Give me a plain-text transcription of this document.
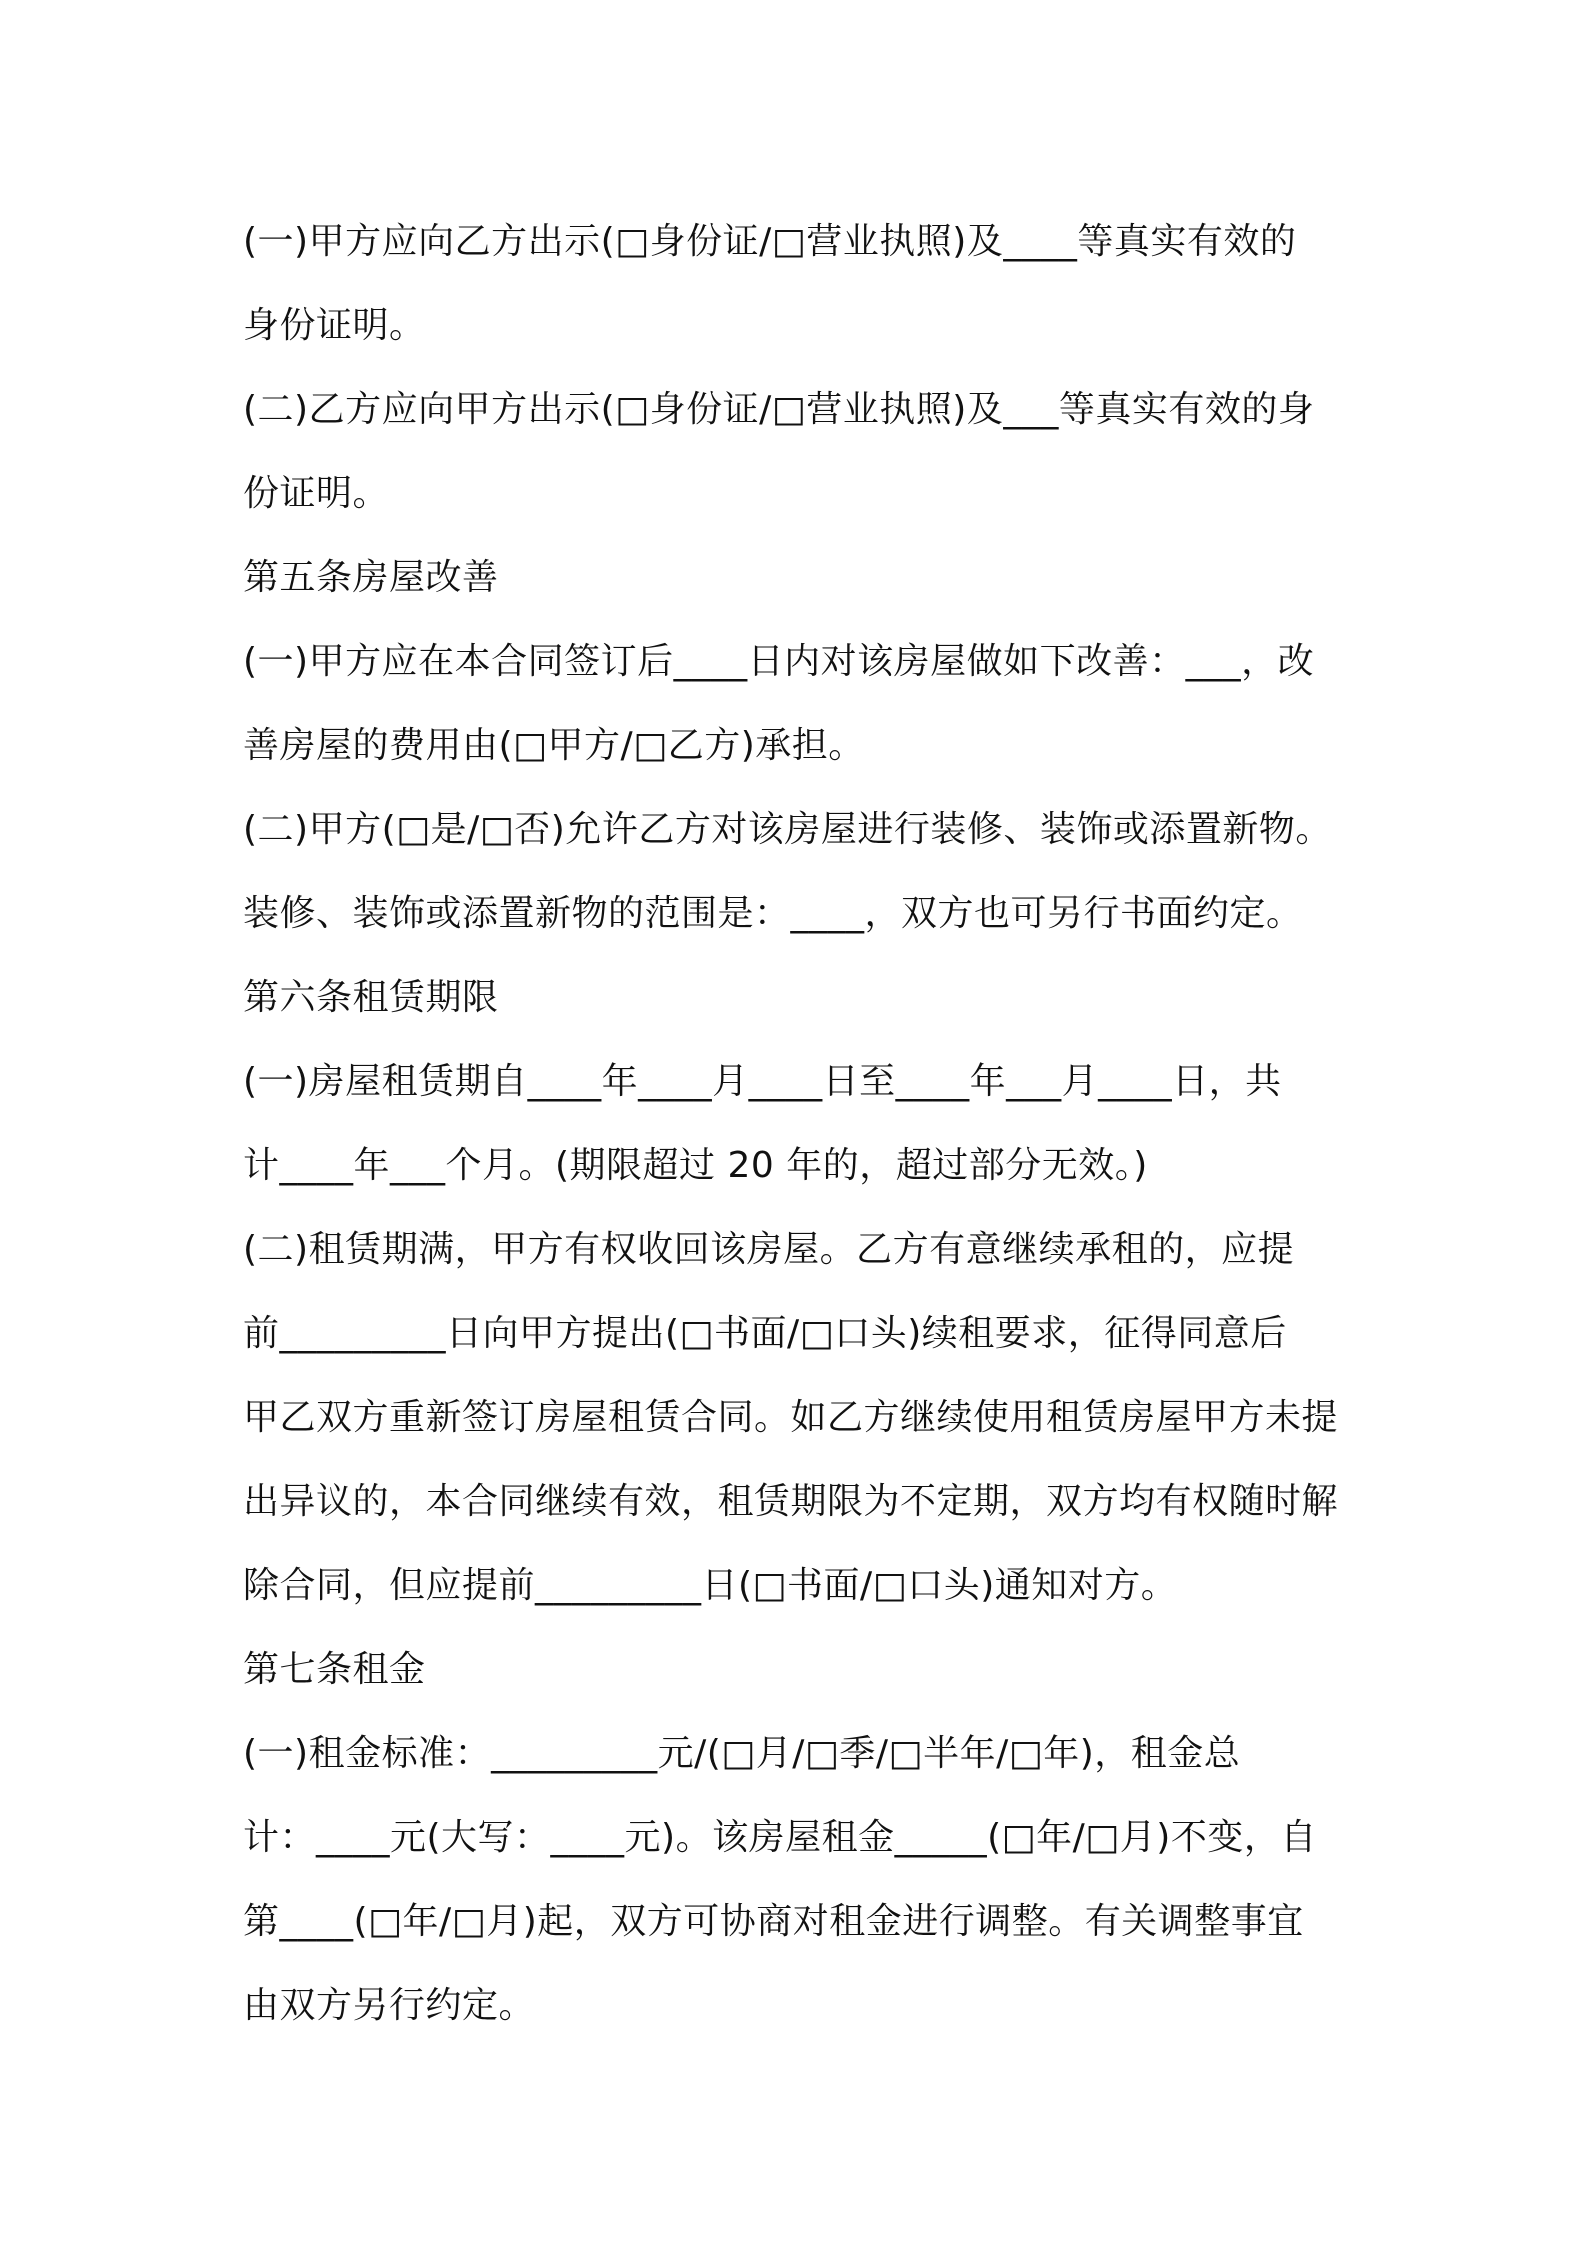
(一)甲方应向乙方出示(□身份证/□营业执照)及____等真实有效的
身份证明。
(二)乙方应向甲方出示(□身份证/□营业执照)及___等真实有效的身
份证明。
第五条房屋改善
(一)甲方应在本合同签订后____日内对该房屋做如下改善：___，改
善房屋的费用由(□甲方/□乙方)承担。
(二)甲方(□是/□否)允许乙方对该房屋进行装修、装饰或添置新物。
装修、装饰或添置新物的范围是：____，双方也可另行书面约定。
第六条租赁期限
(一)房屋租赁期自____年____月____日至____年___月____日，共
计____年___个月。(期限超过 20 年的，超过部分无效。)
(二)租赁期满，甲方有权收回该房屋。乙方有意继续承租的，应提
前_________日向甲方提出(□书面/□口头)续租要求，征得同意后
甲乙双方重新签订房屋租赁合同。如乙方继续使用租赁房屋甲方未提
出异议的，本合同继续有效，租赁期限为不定期，双方均有权随时解
除合同，但应提前_________日(□书面/□口头)通知对方。
第七条租金
(一)租金标准：_________元/(□月/□季/□半年/□年)，租金总
计：____元(大写：____元)。该房屋租金_____(□年/□月)不变，自
第____(□年/□月)起，双方可协商对租金进行调整。有关调整事宜
由双方另行约定。
